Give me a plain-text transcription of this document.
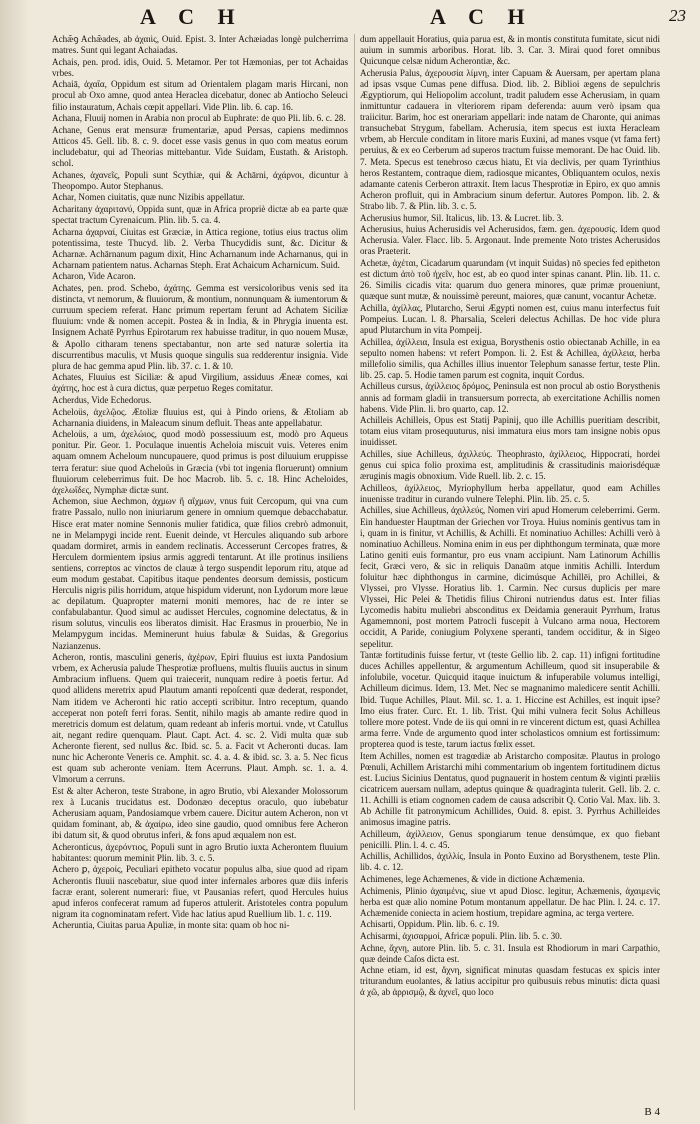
A C H	A C H	23

Achæ̃ꝯ Achæ̃ades, ab ἀχαιὶς, Ouid. Epist. 3. Inter Achæiadas longè pulcherrima matres. Sunt qui legant Achaiadas.

Achais, pen. prod. idis, Ouid. 5. Metamor. Per tot Hæmonias, per tot Achaidas vrbes.

Achaiā, ἀχαΐα, Oppidum est situm ad Orientalem plagam maris Hircani, non procul ab Oxo amne, quod antea Heraclea dicebatur, donec ab Antiocho Seleuci filio instauratum, Achais cœpit appellari. Vide Plin. lib. 6. cap. 16.

Achana, Fluuij nomen in Arabia non procul ab Euphrate: de quo Pli. lib. 6. c. 28.

Achane, Genus erat mensuræ frumentariæ, apud Persas, capiens medimnos Atticos 45. Gell. lib. 8. c. 9. docet esse vasis genus in quo com meatus eorum includebatur, qui ad Theorias mittebantur. Vide Suidam, Eustath. & Aristoph. schol.

Achanes, ἀχανεῖς, Populi sunt Scythiæ, qui & Achārni, ἀχάρνοι, dicuntur à Theopompo. Autor Stephanus.

Achar, Nomen ciuitatis, quæ nunc Nizibis appellatur.

Acharitany ἀχαριτανύ, Oppida sunt, quæ in Africa propriè dictæ ab ea parte quæ spectat tractum Cyrenaicum. Plin. lib. 5. ca. 4.

Acharna ἀχαρναί, Ciuitas est Græciæ, in Attica regione, totius eius tractus olim potentissima, teste Thucyd. lib. 2. Verba Thucydidis sunt, &c. Dicitur & Acharnæ. Achārnanum pagum dixit, Hinc Acharnanum inde Acharnanus, qui in Acharnam patientem natus. Acharnas Steph. Erat Achaicum Acharnicum. Suid.

Acharon, Vide Acaron.

Achates, pen. prod. Schebo, ἀχάτης. Gemma est versicoloribus venis sed ita distincta, vt nemorum, & fluuiorum, & montium, nonnunquam & iumentorum & curruum speciem referat. Hanc primum repertam ferunt ad Achatem Siciliæ fluuium: vnde & nomen accepit. Postea & in India, & in Phrygia inuenta est. Insignem Achatē Pyrrhus Epirotarum rex habuisse traditur, in quo nouem Musæ, & Apollo citharam tenens spectabantur, non arte sed naturæ solertia ita discurrentibus maculis, vt Musis quoque singulis sua redderentur insignia. Vide plura de hac gemma apud Plin. lib. 37. c. 1. & 10.

Achates, Fluuius est Siciliæ: & apud Virgilium, assiduus Æneæ comes, καὶ ἀχάτης, hoc est à cura dictus, quæ perpetuo Reges comitatur.

Acherdus, Vide Echedorus.

Acheloüs, ἀχελῷος. Ætoliæ fluuius est, qui à Pindo oriens, & Ætoliam ab Acharnania diuidens, in Maleacum sinum defluit. Theas ante appellabatur.

Acheloüs, a um, ἀχελώιος, quod modò possessiuum est, modò pro Aqueus ponitur. Pir. Geor. 1. Poculaque inuentis Acheloia miscuit vuis. Veteres enim aquam omnem Acheloum nuncupauere, quod primus is post diluuium eruppisse terra feratur: siue quod Acheloüs in Græcia (vbi tot ingenia floruerunt) omnium fluuiorum celeberrimus fuit. De hoc Macrob. lib. 5. c. 18. Hinc Acheloides, ἀχελωΐδες, Nymphæ dictæ sunt.

Achemon, siue Aechmon, ἀχμων ἢ αἴχμων, vnus fuit Cercopum, qui vna cum fratre Passalo, nullo non iniuriarum genere in omnium quemque debacchabatur. Hisce erat mater nomine Sennonis mulier fatidica, quæ filios crebrò admonuit, ne in Melampygi incide rent. Euenit deinde, vt Hercules aliquando sub arbore quadam dormiret, armis in eandem reclinatis. Accesserunt Cercopes fratres, & Herculem dormientem ipsius armis aggredi tentarunt. At ille protinus insiliens sentiens, correptos ac vinctos de clauæ à tergo suspendit leporum ritu, atque ad eum modum gestabat. Capitibus itaque pendentes deorsum demissis, posticum Herculis nigris pilis horridum, atque hispidum viderunt, non Lydorum more læue ac depilatum. Quapropter materni moniti memores, hac de re inter se confabulabantur. Quod simul ac audisset Hercules, cognomine delectatus, & in risum solutus, vinculis eos liberatos dimisit. Hac Erasmus in prouerbio, Ne in Melampygum incidas. Meminerunt huius fabulæ & Suidas, & Gregorius Nazianzenus.

Acheron, rontis, masculini generis, ἀχέρων, Epiri fluuius est iuxta Pandosium vrbem, ex Acherusia palude Thesprotiæ profluens, multis fluuiis auctus in sinum Ambracium influens. Quem qui traiecerit, nunquam redire à poetis fertur. Ad quod allidens meretrix apud Plautum amanti repoſcenti quæ dederat, respondet, Nam itidem ve Acheronti hic ratio accepti scribitur. Intro receptum, quando acceperat non poteſt ferri foras. Sentit, nihilo magis ab amante redire quod in meretricis domum est delatum, quam redeant ab inferis mortui. vnde, vt Catullus ait, negant redire quenquam. Plaut. Capt. Act. 4. sc. 2. Vidi multa quæ sub Acheronte fierent, sed nullus &c. Ibid. sc. 5. a. Facit vt Acheronti ducas. Iam nunc hic Acheronte Veneris ce. Amphit. sc. 4. a. 4. & ibid. sc. 3. a. 5. Nec ficus est quam sub acheronte veniam. Item Acerruns. Plaut. Amph. sc. 1. a. 4. Vlmorum a cerruns.

Est & alter Acheron, teste Strabone, in agro Brutio, vbi Alexander Molossorum rex à Lucanis trucidatus est. Dodonæo deceptus oraculo, quo iubebatur Acherusiam aquam, Pandosiamque vrbem cauere. Dicitur autem Acheron, non vt quidam fominant, ab, & ἀχαίρω, ideo sine gaudio, quod omnibus fere Acheron ibi datum sit, & quod obrutus inferi, & fons apud æqualem non est.

Acheronticus, ἀχερόντιος, Populi sunt in agro Brutio iuxta Acherontem fluuium habitantes: quorum meminit Plin. lib. 3. c. 5.

Achero ꝑ, ἀχεροίς, Peculiari epitheto vocatur populus alba, siue quod ad ripam Acherontis fluuii nascebatur, siue quod inter infernales arbores quæ diis inferis facræ erant, solerent numerari: fiue, vt Pausanias refert, quod Hercules huius apud inferos confecerat ramum ad fuperos attulerit. Aristoteles contra populum nigram ita cognominatam refert. Vide hac latius apud Ruellium lib. 1. c. 119.

Acheruntia, Ciuitas parua Apuliæ, in monte sita: quam ob hoc ni-

dum appellauit Horatius, quia parua est, & in montis constituta fumitate, sicut nidi auium in summis arboribus. Horat. lib. 3. Car. 3. Mirai quod foret omnibus Quicunque celsæ nidum Acherontiæ, &c.

Acherusia Palus, ἀχερουσία λίμνη, inter Capuam & Auersam, per apertam plana ad ipsas vsque Cumas pene diffusa. Diod. lib. 2. Biblioi ægens de sepulchris Ægyptiorum, qui Heliopolim accolunt, tradit paludem esse Acherusiam, in quam inmittuntur cadauera in vlteriorem ripam deferenda: auum verò ipsam qua traiicitur. Barim, hoc est onerariam appellari: inde natam de Charonte, qui animas transuchebat Strygum, fabellam. Acherusia, item specus est iuxta Heracleam vrbem, ab Hercule conditam in litore maris Euxini, ad manes vsque (vt fama fert) peruius, & ex eo Cerberum ad superos tractum fuisse memorant. De hac Ouid. lib. 7. Meta. Specus est tenebroso cæcus hiatu, Et via declivis, per quam Tyrinthius heros Restantem, contraque diem, radiosque micantes, Obliquantem oculos, nexis adamante catenis Cerberon attraxit. Item lacus Thesprotiæ in Epiro, ex quo amnis Acheron profluit, qui in Ambracium sinum defertur. Autores Pompon. lib. 2. & Strabo lib. 7. & Plin. lib. 3. c. 5.

Acherusius humor, Sil. Italicus, lib. 13. & Lucret. lib. 3.

Acherusius, huius Acherusidis vel Acherusidos, fæm. gen. ἀχερουσίς. Idem quod Acherusia. Valer. Flacc. lib. 5. Argonaut. Inde premente Noto tristes Acherusidos oras Praeterit.

Achetæ, ἀχέται, Cicadarum quarundam (vt inquit Suidas) nō species fed epitheton est dictum ἀπὸ τοῦ ἠχεῖν, hoc est, ab eo quod inter spinas canant. Plin. lib. 11. c. 26. Similis cicadis vita: quarum duo genera minores, quæ primæ proueniunt, quæque sunt mutæ, & nouissimè pereunt, maiores, quæ canunt, vocantur Achetæ.

Achilla, ἀχίλλας, Plutarcho, Serui Ægypti nomen est, cuius manu interfectus fuit Pompeius. Lucan. l. 8. Pharsalia, Sceleri delectus Achillas. De hoc vide plura apud Plutarchum in vita Pompeij.

Achillea, ἀχίλλεια, Insula est exigua, Borysthenis ostio obiectanab Achille, in ea sepulto nomen habens: vt refert Pompon. li. 2. Est & Achillea, ἀχίλλεια, herba millefolio similis, qua Achilles illius inuentor Telephum sanasse fertur, teste Plin. lib. 25. cap. 5. Hodie tamen parum est cognita, inquit Cordus.

Achilleus cursus, ἀχίλλειος δρόμος, Peninsula est non procul ab ostio Borysthenis annis ad formam gladii in transuersum porrecta, ab exercitatione Achillis nomen habens. Vide Plin. li. bro quarto, cap. 12.

Achilleis Achilleis, Opus est Statij Papinij, quo ille Achillis pueritiam describit, totam eius vitam prosequuturus, nisi immatura eius mors tam insigne nobis opus inuidisset.

Achilles, siue Achilleus, ἀχιλλεύς. Theophrasto, ἀχίλλειος, Hippocrati, hordei genus cui spica folio proxima est, amplitudinis & crassitudinis maiorisdéquæ æruginis magis obnoxium. Vide Ruell. lib. 2. c. 15.

Achilleos, ἀχίλλειος, Myriophyllum herba appellatur, quod eam Achilles inuenisse traditur in curando vulnere Telephi. Plin. lib. 25. c. 5.

Achilles, siue Achilleus, ἀχιλλεύς, Nomen viri apud Homerum celeberrimi. Germ. Ein handuester Hauptman der Griechen vor Troya. Huius nominis gentivus tam in i, quam in is finitur, vt Achillis, & Achilli. Et nominatiuo Achilles: Achilli verò à nominatiuo Achilleus. Nomina enim in eus per diphthongum terminata, quæ more Latino geniti euis formantur, pro eus vnam accipiunt. Nam Latinorum Achillis fecit, Græci vero, & sic in reliquis Danaūm atque inmitis Achilli. Interdum foluitur hæc diphthongus in carmine, dicimúsque Achillēi, pro Achillei, & Vlyssei, pro Vlysse. Horatius lib. 1. Carmin. Nec cursus duplicis per mare Vlyssei, Hic Pelei & Thetidis filius Chironi nutriendus datus est. Inter filias Lycomedis habitu muliebri absconditus ex Deidamia generauit Pyrrhum, Iratus Agamemnoni, post mortem Patrocli fuscepit à Vulcano arma noua, Hectorem occidit, A Paride, coniugium Polyxene speranti, tandem occiditur, & in Sigeo sepelitur.

Tantæ fortitudinis fuisse fertur, vt (teste Gellio lib. 2. cap. 11) infigni fortitudine duces Achilles appellentur, & argumentum Achilleum, quod sit insuperabile & infolubile, vocetur. Quicquid itaque inuictum & infuperabile volumus intelligi, Achilleum dicimus. Idem, 13. Met. Nec se magnanimo maledicere sentit Achilli. Ibid. Tuque Achilles, Plaut. Mil. sc. 1. a. 1. Hiccine est Achilles, est inquit ipse? Imo eius frater. Curc. Et. 1. lib. Trist. Qui mihi vulnera fecit Solus Achilleus tollere more potest. Vnde de iis qui omni in re vincerent dictum est, quasi Achillea arma ferre. Vnde de argumento quod inter scholasticos omnium est fortissimum: propterea quod is teste, tarum iactus fœlix esset.

Item Achilles, nomen est tragœdiæ ab Aristarcho compositæ. Plautus in prologo Pœnuli, Achillem Aristarchi mihi commentarium ob ingentem fortitudinem dictus est. Lucius Sicinius Dentatus, quod pugnauerit in hostem centum & viginti præliis cicatricem auersam nullam, adeptus quinque & quadraginta tulerit. Gell. lib. 2. c. 11. Achilli is etiam cognomen cadem de causa adscribit Q. Cotio Val. Max. lib. 3. Ab Achille fit patronymicum Achillides, Ouid. 8. epist. 3. Pyrrhus Achilleides animosus imagine patris.

Achilleum, ἀχίλλειον, Genus spongiarum tenue densúmque, ex quo fiebant penicilli. Plin. l. 4. c. 45.

Achillis, Achillidos, ἀχιλλίς, Insula in Ponto Euxino ad Borysthenem, teste Plin. lib. 4. c. 12.

Achimenes, lege Achæmenes, & vide in dictione Achæmenia.

Achimenis, Plinio ἀχαιμένις, siue vt apud Diosc. legitur, Achæmenis, ἀχαιμενὶς herba est quæ alio nomine Potum montanum appellatur. De hac Plin. l. 24. c. 17. Achæmenide coniecta in aciem hostium, trepidare agmina, ac terga vertere.

Achisarti, Oppidum. Plin. lib. 6. c. 19.

Achisarmi, ἀχισαρμοί, Africæ populi. Plin. lib. 5. c. 30.

Achne, ἄχνη, autore Plin. lib. 5. c. 31. Insula est Rhodiorum in mari Carpathio, quæ deinde Caſos dicta est.

Achne etiam, id est, ἄχνη, significat minutas quasdam festucas ex spicis inter triturandum euolantes, & latius accipitur pro quibusuis rebus minutis: dicta quasi ἀ χῶ, ab ἀρρισμῷ, & ἀχνεῖ, quo loco

B 4
